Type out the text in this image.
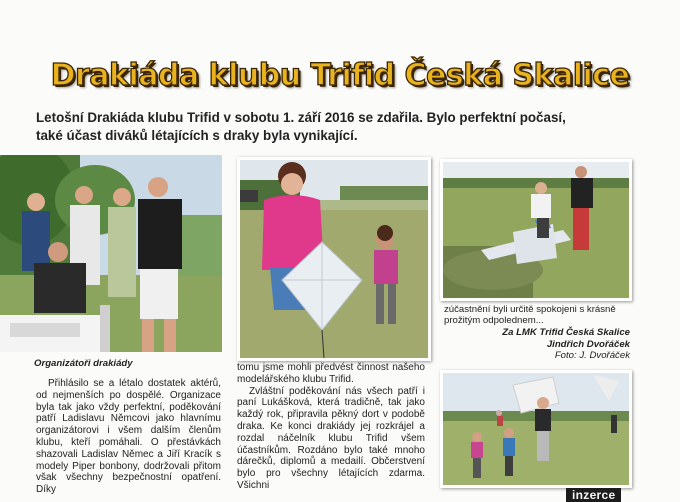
Drakiáda klubu Trifid Česká Skalice
Letošní Drakiáda klubu Trifid v sobotu 1. září 2016 se zdařila. Bylo perfektní počasí,
také účast diváků létajících s draky byla vynikající.
Organizátoři drakiády

Přihlásilo se a létalo dostatek aktérů, od nejmenších po dospělé. Organizace byla tak jako vždy perfektní, poděkování patří Ladislavu Němcovi jako hlavnímu organizátorovi i všem dalším členům klubu, kteří pomáhali. O přestávkách shazovali Ladislav Němec a Jiří Kracík s modely Piper bonbony, dodržovali přitom však všechny bezpečnostní opatření. Díky

tomu jsme mohli předvést činnost našeho modelářského klubu Trifid.

Zvláštní poděkování nás všech patří i paní Lukášková, která tradičně, tak jako každý rok, připravila pěkný dort v podobě draka. Ke konci drakiády jej rozkrájel a rozdal náčelník klubu Trifid všem účastníkům. Rozdáno bylo také mnoho dárečků, diplomů a medailí. Občerstvení bylo pro všechny létajících zdarma. Všichni

zúčastnění byli určitě spokojeni s krásně prožitým odpolednem...
Za LMK Trifid Česká Skalice
Jindřich Dvořáček
Foto: J. Dvořáček
inzerce
